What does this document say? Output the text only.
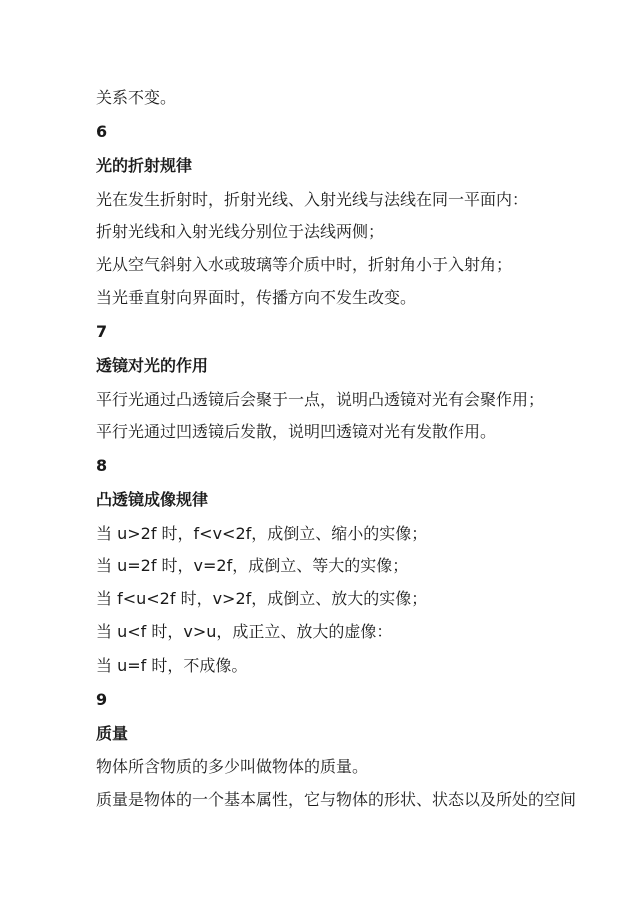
关系不变。
6
光的折射规律
光在发生折射时，折射光线、入射光线与法线在同一平面内：
折射光线和入射光线分别位于法线两侧；
光从空气斜射入水或玻璃等介质中时，折射角小于入射角；
当光垂直射向界面时，传播方向不发生改变。
7
透镜对光的作用
平行光通过凸透镜后会聚于一点，说明凸透镜对光有会聚作用；
平行光通过凹透镜后发散，说明凹透镜对光有发散作用。
8
凸透镜成像规律
当 u>2f 时，f<v<2f，成倒立、缩小的实像；
当 u=2f 时，v=2f，成倒立、等大的实像；
当 f<u<2f 时，v>2f，成倒立、放大的实像；
当 u<f 时，v>u，成正立、放大的虚像：
当 u=f 时，不成像。
9
质量
物体所含物质的多少叫做物体的质量。
质量是物体的一个基本属性，它与物体的形状、状态以及所处的空间
